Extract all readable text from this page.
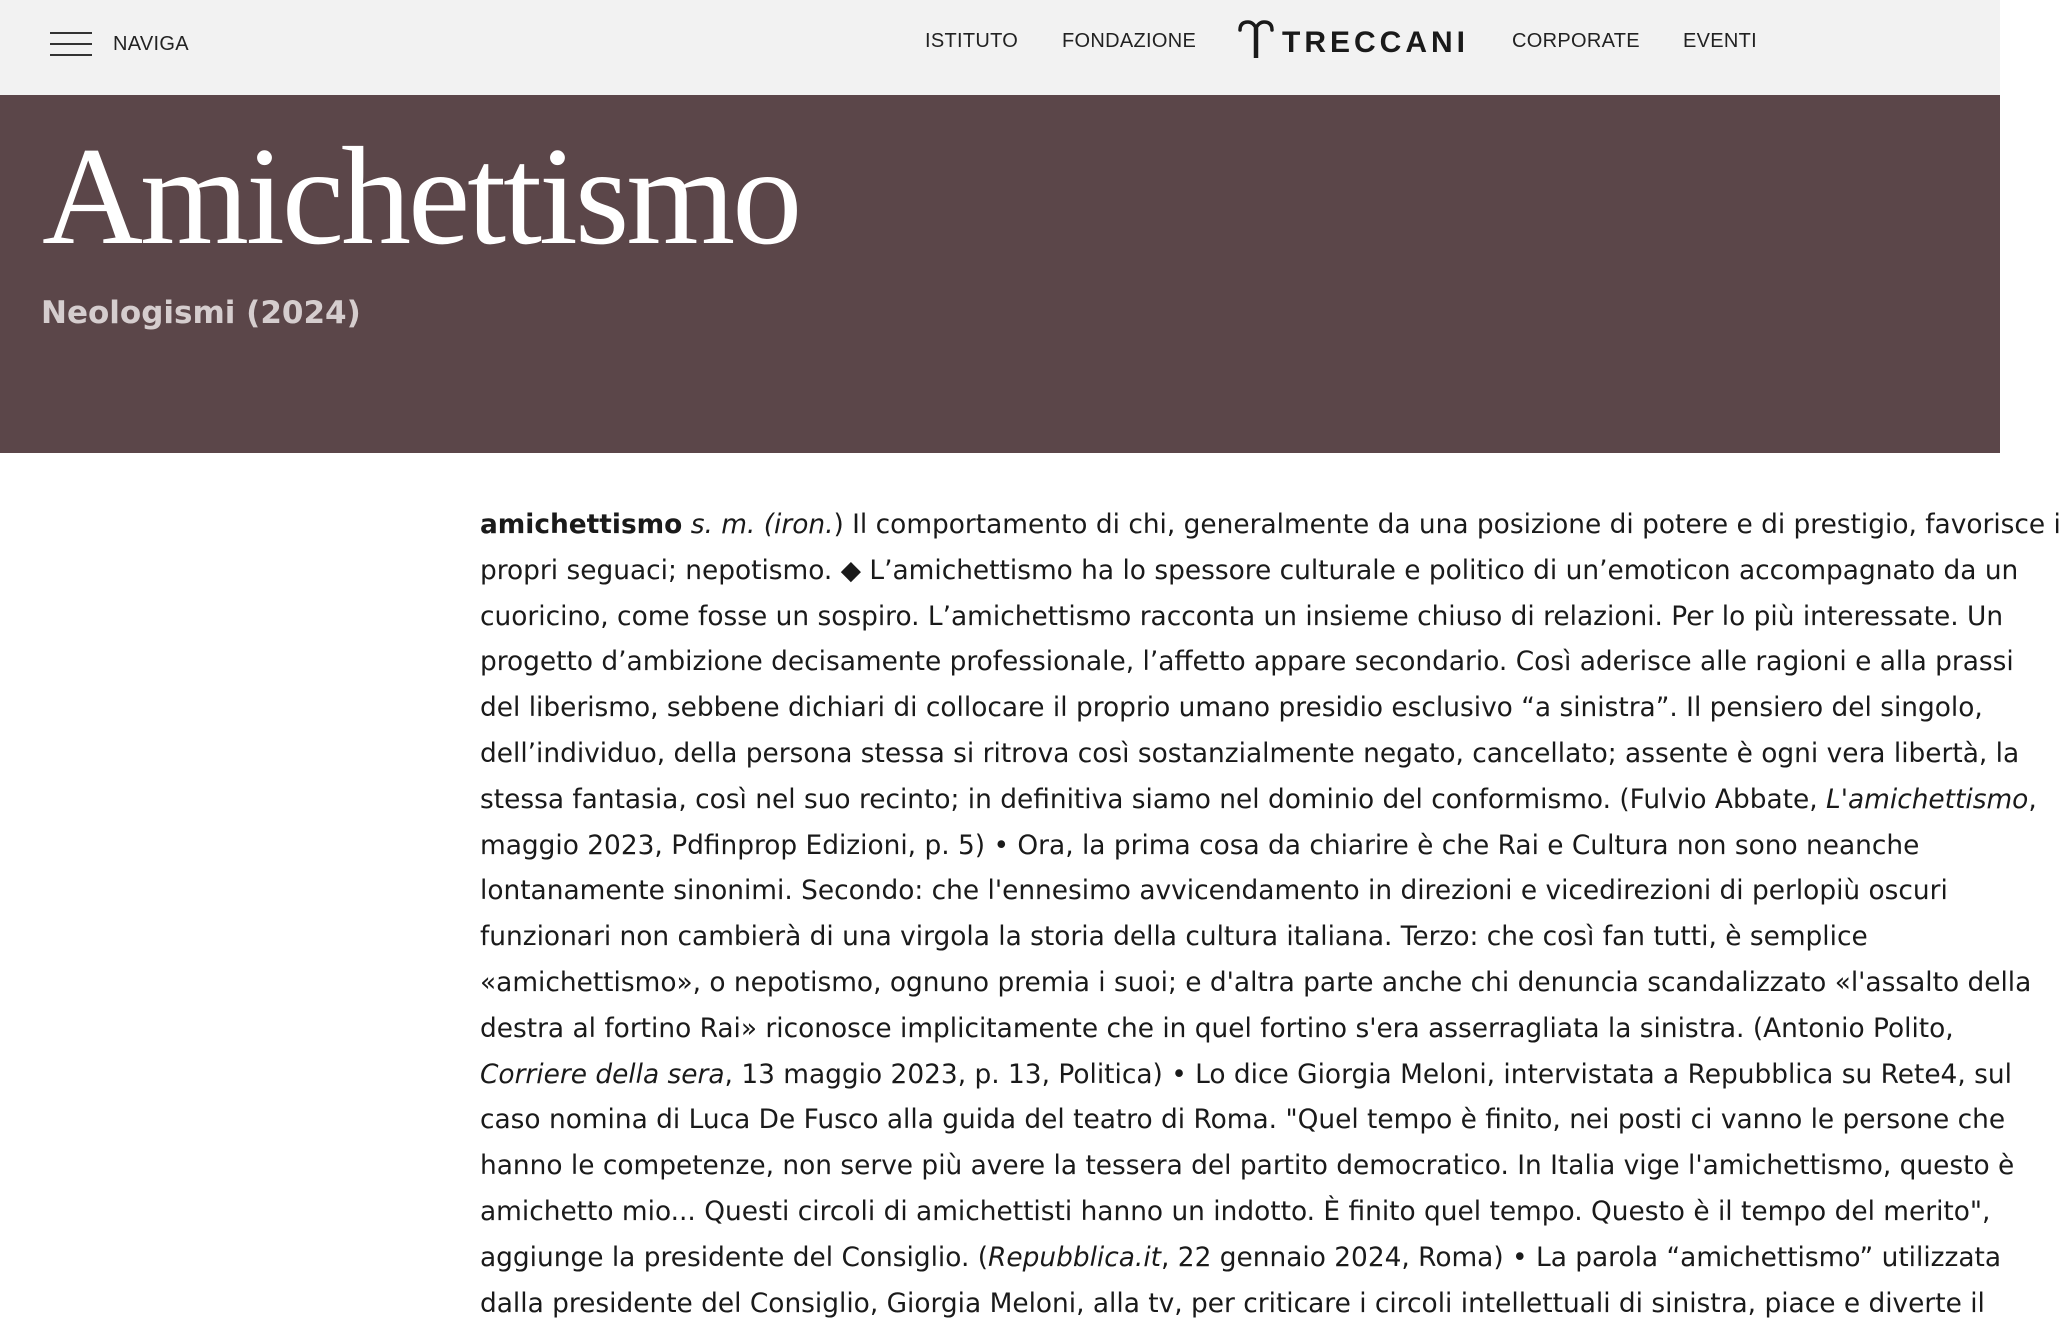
NAVIGA	ISTITUTO FONDAZIONE	TRECCANI CORPORATE EVENTI
Amichettismo
Neologismi (2024)
amichettismo s. m. (iron.) Il comportamento di chi, generalmente da una posizione di potere e di prestigio, favorisce i
propri seguaci; nepotismo. ◆ L’amichettismo ha lo spessore culturale e politico di un’emoticon accompagnato da un
cuoricino, come fosse un sospiro. L’amichettismo racconta un insieme chiuso di relazioni. Per lo più interessate. Un
progetto d’ambizione decisamente professionale, l’affetto appare secondario. Così aderisce alle ragioni e alla prassi
del liberismo, sebbene dichiari di collocare il proprio umano presidio esclusivo “a sinistra”. Il pensiero del singolo,
dell’individuo, della persona stessa si ritrova così sostanzialmente negato, cancellato; assente è ogni vera libertà, la
stessa fantasia, così nel suo recinto; in definitiva siamo nel dominio del conformismo. (Fulvio Abbate, L'amichettismo,
maggio 2023, Pdfinprop Edizioni, p. 5) • Ora, la prima cosa da chiarire è che Rai e Cultura non sono neanche
lontanamente sinonimi. Secondo: che l'ennesimo avvicendamento in direzioni e vicedirezioni di perlopiù oscuri
funzionari non cambierà di una virgola la storia della cultura italiana. Terzo: che così fan tutti, è semplice
«amichettismo», o nepotismo, ognuno premia i suoi; e d'altra parte anche chi denuncia scandalizzato «l'assalto della
destra al fortino Rai» riconosce implicitamente che in quel fortino s'era asserragliata la sinistra. (Antonio Polito,
Corriere della sera, 13 maggio 2023, p. 13, Politica) • Lo dice Giorgia Meloni, intervistata a Repubblica su Rete4, sul
caso nomina di Luca De Fusco alla guida del teatro di Roma. "Quel tempo è finito, nei posti ci vanno le persone che
hanno le competenze, non serve più avere la tessera del partito democratico. In Italia vige l'amichettismo, questo è
amichetto mio... Questi circoli di amichettisti hanno un indotto. È finito quel tempo. Questo è il tempo del merito",
aggiunge la presidente del Consiglio. (Repubblica.it, 22 gennaio 2024, Roma) • La parola “amichettismo” utilizzata
dalla presidente del Consiglio, Giorgia Meloni, alla tv, per criticare i circoli intellettuali di sinistra, piace e diverte il
